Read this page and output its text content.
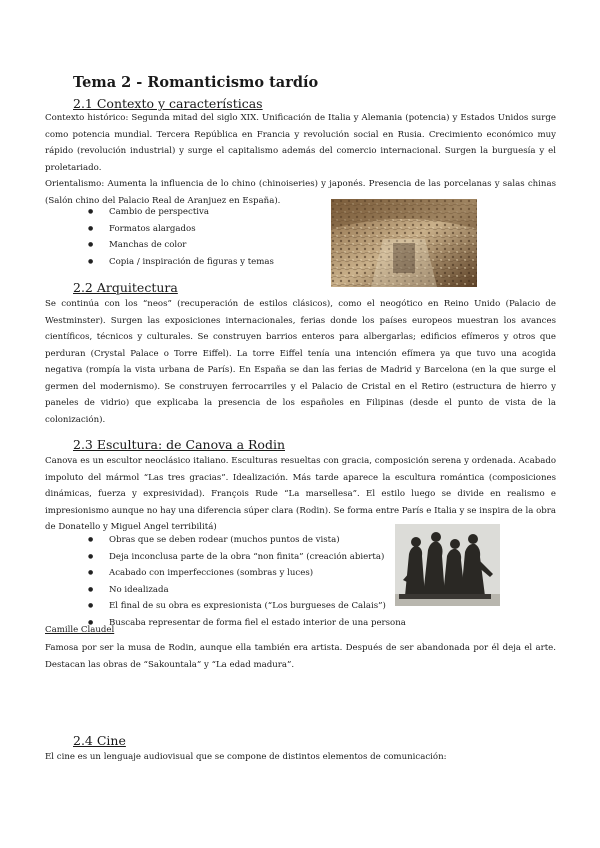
Tema 2 - Romanticismo tardío
2.1 Contexto y características
Contexto histórico: Segunda mitad del siglo XIX. Unificación de Italia y Alemania (potencia) y Estados Unidos surge como potencia mundial. Tercera República en Francia y revolución social en Rusia. Crecimiento económico muy rápido (revolución industrial) y surge el capitalismo además del comercio internacional. Surgen la burguesía y el proletariado.
Orientalismo: Aumenta la influencia de lo chino (chinoiseries) y japonés. Presencia de las porcelanas y salas chinas (Salón chino del Palacio Real de Aranjuez en España).
● Cambio de perspectiva
● Formatos alargados
● Manchas de color
● Copia / inspiración de figuras y temas
2.2 Arquitectura
Se continúa con los “neos” (recuperación de estilos clásicos), como el neogótico en Reino Unido (Palacio de Westminster). Surgen las exposiciones internacionales, ferias donde los países europeos muestran los avances científicos, técnicos y culturales. Se construyen barrios enteros para albergarlas; edificios efímeros y otros que perduran (Crystal Palace o Torre Eiffel). La torre Eiffel tenía una intención efímera ya que tuvo una acogida negativa (rompía la vista urbana de París). En España se dan las ferias de Madrid y Barcelona (en la que surge el germen del modernismo). Se construyen ferrocarriles y el Palacio de Cristal en el Retiro (estructura de hierro y paneles de vidrio) que explicaba la presencia de los españoles en Filipinas (desde el punto de vista de la colonización).
2.3 Escultura: de Canova a Rodin
Canova es un escultor neoclásico italiano. Esculturas resueltas con gracia, composición serena y ordenada. Acabado impoluto del mármol “Las tres gracias”. Idealización. Más tarde aparece la escultura romántica (composiciones dinámicas, fuerza y expresividad). François Rude “La marsellesa”. El estilo luego se divide en realismo e impresionismo aunque no hay una diferencia súper clara (Rodin). Se forma entre París e Italia y se inspira de la obra de Donatello y Miguel Angel terribilitá)
● Obras que se deben rodear (muchos puntos de vista)
● Deja inconclusa parte de la obra “non finita” (creación abierta)
● Acabado con imperfecciones (sombras y luces)
● No idealizada
● El final de su obra es expresionista (“Los burgueses de Calais”)
● Buscaba representar de forma fiel el estado interior de una persona
Camille Claudel
Famosa por ser la musa de Rodin, aunque ella también era artista. Después de ser abandonada por él deja el arte. Destacan las obras de “Sakountala” y “La edad madura”.
2.4 Cine
El cine es un lenguaje audiovisual que se compone de distintos elementos de comunicación:
